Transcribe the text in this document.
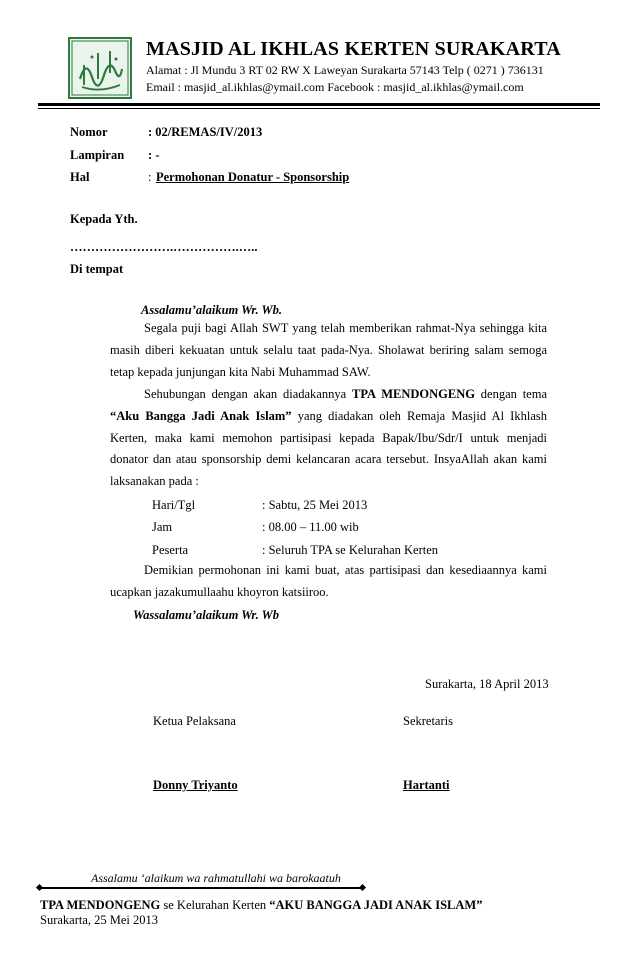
MASJID AL IKHLAS KERTEN SURAKARTA
Alamat : Jl Mundu 3 RT 02 RW X Laweyan Surakarta 57143 Telp ( 0271 ) 736131
Email : masjid_al.ikhlas@ymail.com Facebook : masjid_al.ikhlas@ymail.com
Nomor	: 02/REMAS/IV/2013
Lampiran : -
Hal	: Permohonan Donatur - Sponsorship
Kepada Yth.
…………………….…………….…..
Di tempat
Assalamu’alaikum Wr. Wb.
Segala puji bagi Allah SWT yang telah memberikan rahmat-Nya sehingga kita masih diberi kekuatan untuk selalu taat pada-Nya. Sholawat beriring salam semoga tetap kepada junjungan kita Nabi Muhammad SAW.
Sehubungan dengan akan diadakannya TPA MENDONGENG dengan tema “Aku Bangga Jadi Anak Islam” yang diadakan oleh Remaja Masjid Al Ikhlash Kerten, maka kami memohon partisipasi kepada Bapak/Ibu/Sdr/I untuk menjadi donator dan atau sponsorship demi kelancaran acara tersebut. InsyaAllah akan kami laksanakan pada :
Hari/Tgl	: Sabtu, 25 Mei 2013
Jam	: 08.00 – 11.00 wib
Peserta	: Seluruh TPA se Kelurahan Kerten
Demikian permohonan ini kami buat, atas partisipasi dan kesediaannya kami ucapkan jazakumullaahu khoyron katsiiroo.
Wassalamu’alaikum Wr. Wb
Surakarta, 18 April 2013
Ketua Pelaksana	Sekretaris
Donny Triyanto	Hartanti
Assalamu ‘alaikum wa rahmatullahi wa barokaatuh
TPA MENDONGENG se Kelurahan Kerten “AKU BANGGA JADI ANAK ISLAM”
Surakarta, 25 Mei 2013
